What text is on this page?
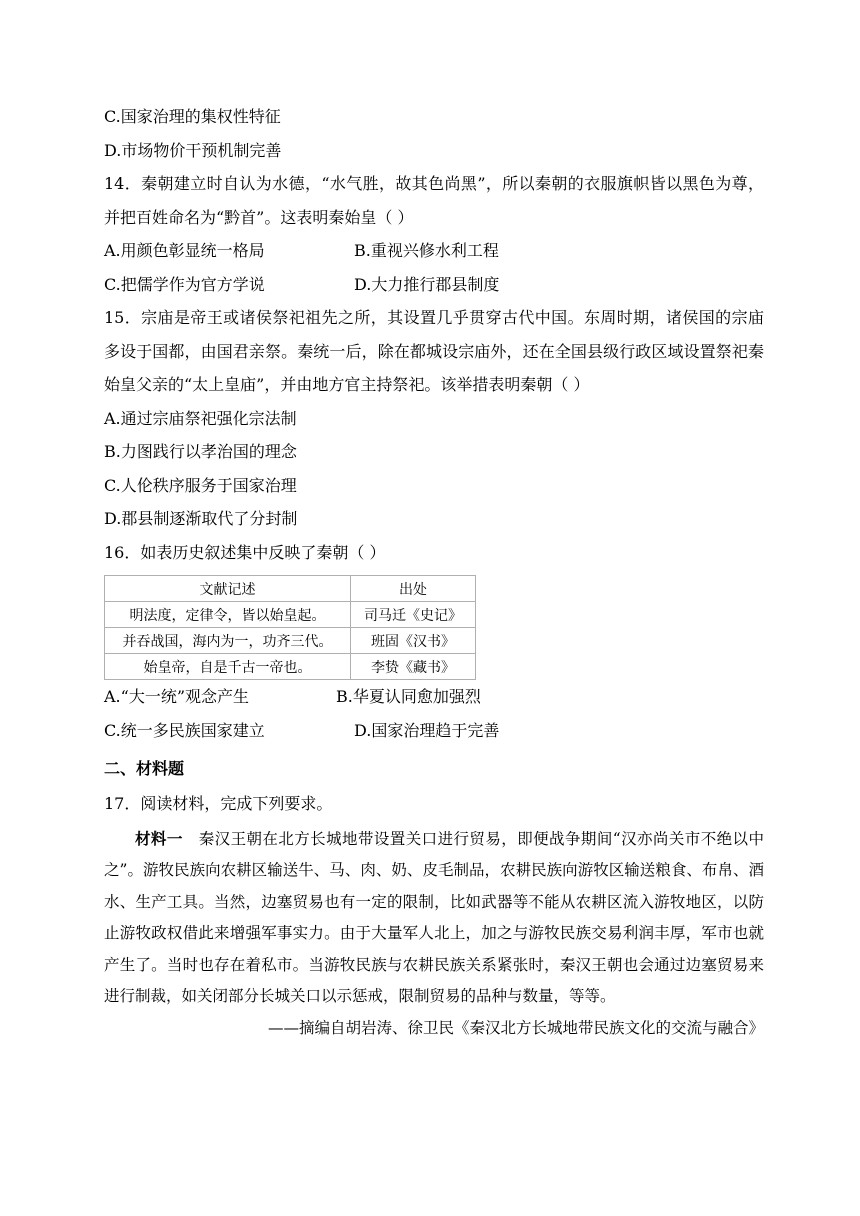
C.国家治理的集权性特征
D.市场物价干预机制完善
14．秦朝建立时自认为水德，“水气胜，故其色尚黑”，所以秦朝的衣服旗帜皆以黑色为尊，并把百姓命名为“黔首”。这表明秦始皇（ ）
A.用颜色彰显统一格局	B.重视兴修水利工程
C.把儒学作为官方学说	D.大力推行郡县制度
15．宗庙是帝王或诸侯祭祀祖先之所，其设置几乎贯穿古代中国。东周时期，诸侯国的宗庙多设于国都，由国君亲祭。秦统一后，除在都城设宗庙外，还在全国县级行政区域设置祭祀秦始皇父亲的“太上皇庙”，并由地方官主持祭祀。该举措表明秦朝（ ）
A.通过宗庙祭祀强化宗法制
B.力图践行以孝治国的理念
C.人伦秩序服务于国家治理
D.郡县制逐渐取代了分封制
16．如表历史叙述集中反映了秦朝（ ）
文献记述	出处
明法度，定律令，皆以始皇起。	司马迁《史记》
并吞战国，海内为一，功齐三代。	班固《汉书》
始皇帝，自是千古一帝也。	李贽《藏书》
A.“大一统”观念产生	B.华夏认同愈加强烈
C.统一多民族国家建立	D.国家治理趋于完善
二、材料题
17．阅读材料，完成下列要求。
材料一　 秦汉王朝在北方长城地带设置关口进行贸易，即便战争期间“汉亦尚关市不绝以中之”。游牧民族向农耕区输送牛、马、肉、奶、皮毛制品，农耕民族向游牧区输送粮食、布帛、酒水、生产工具。当然，边塞贸易也有一定的限制，比如武器等不能从农耕区流入游牧地区，以防止游牧政权借此来增强军事实力。由于大量军人北上，加之与游牧民族交易利润丰厚，军市也就产生了。当时也存在着私市。当游牧民族与农耕民族关系紧张时，秦汉王朝也会通过边塞贸易来进行制裁，如关闭部分长城关口以示惩戒，限制贸易的品种与数量，等等。
——摘编自胡岩涛、徐卫民《秦汉北方长城地带民族文化的交流与融合》
